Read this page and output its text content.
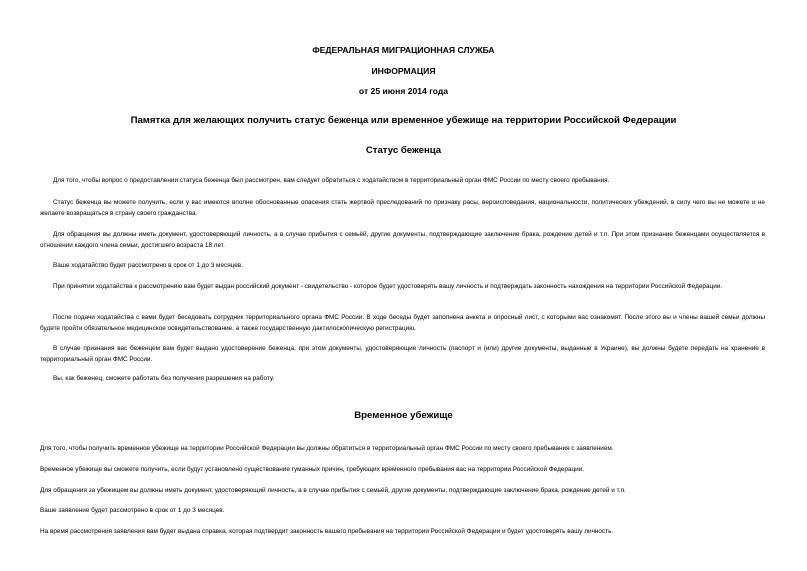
ФЕДЕРАЛЬНАЯ МИГРАЦИОННАЯ СЛУЖБА
ИНФОРМАЦИЯ
от 25 июня 2014 года
Памятка для желающих получить статус беженца или временное убежище на территории Российской Федерации
Статус беженца
Для того, чтобы вопрос о предоставлении статуса беженца был рассмотрен, вам следует обратиться с ходатайством в территориальный орган ФМС России по месту своего пребывания.
Статус беженца вы можете получить, если у вас имеются вполне обоснованные опасения стать жертвой преследований по признаку расы, вероисповедания, национальности, политических убеждений, в силу чего вы не можете и не желаете возвращаться в страну своего гражданства.
Для обращения вы должны иметь документ, удостоверяющий личность, а в случае прибытия с семьёй, другие документы, подтверждающие заключение брака, рождение детей и т.п. При этом признание беженцами осуществляется в отношении каждого члена семьи, достигшего возраста 18 лет.
Ваше ходатайство будет рассмотрено в срок от 1 до 3 месяцев.
При принятии ходатайства к рассмотрению вам будет выдан российский документ - свидетельство - которое будет удостоверять вашу личность и подтверждать законность нахождения на территории Российской Федерации.
После подачи ходатайства с вами будет беседовать сотрудник территориального органа ФМС России. В ходе беседы будет заполнена анкета и опросный лист, с которыми вас ознакомят. После этого вы и члены вашей семьи должны будете пройти обязательное медицинское освидетельствование, а также государственную дактилоскопическую регистрацию.
В случае признания вас беженцем вам будет выдано удостоверение беженца, при этом документы, удостоверяющие личность (паспорт и (или) другие документы, выданные в Украине), вы должны будете передать на хранение в территориальный орган ФМС России.
Вы, как беженец, сможете работать без получения разрешения на работу.
Временное убежище
Для того, чтобы получить временное убежище на территории Российской Федерации вы должны обратиться в территориальный орган ФМС России по месту своего пребывания с заявлением.
Временное убежище вы сможете получить, если будут установлено существование гуманных причин, требующих временного пребывания вас на территории Российской Федерации.
Для обращения за убежищем вы должны иметь документ, удостоверяющий личность, а в случае прибытия с семьёй, другие документы, подтверждающие заключение брака, рождение детей и т.п.
Ваше заявление будет рассмотрено в срок от 1 до 3 месяцев.
На время рассмотрения заявления вам будет выдана справка, которая подтвердит законность вашего пребывания на территории Российской Федерации и будет удостоверять вашу личность.
